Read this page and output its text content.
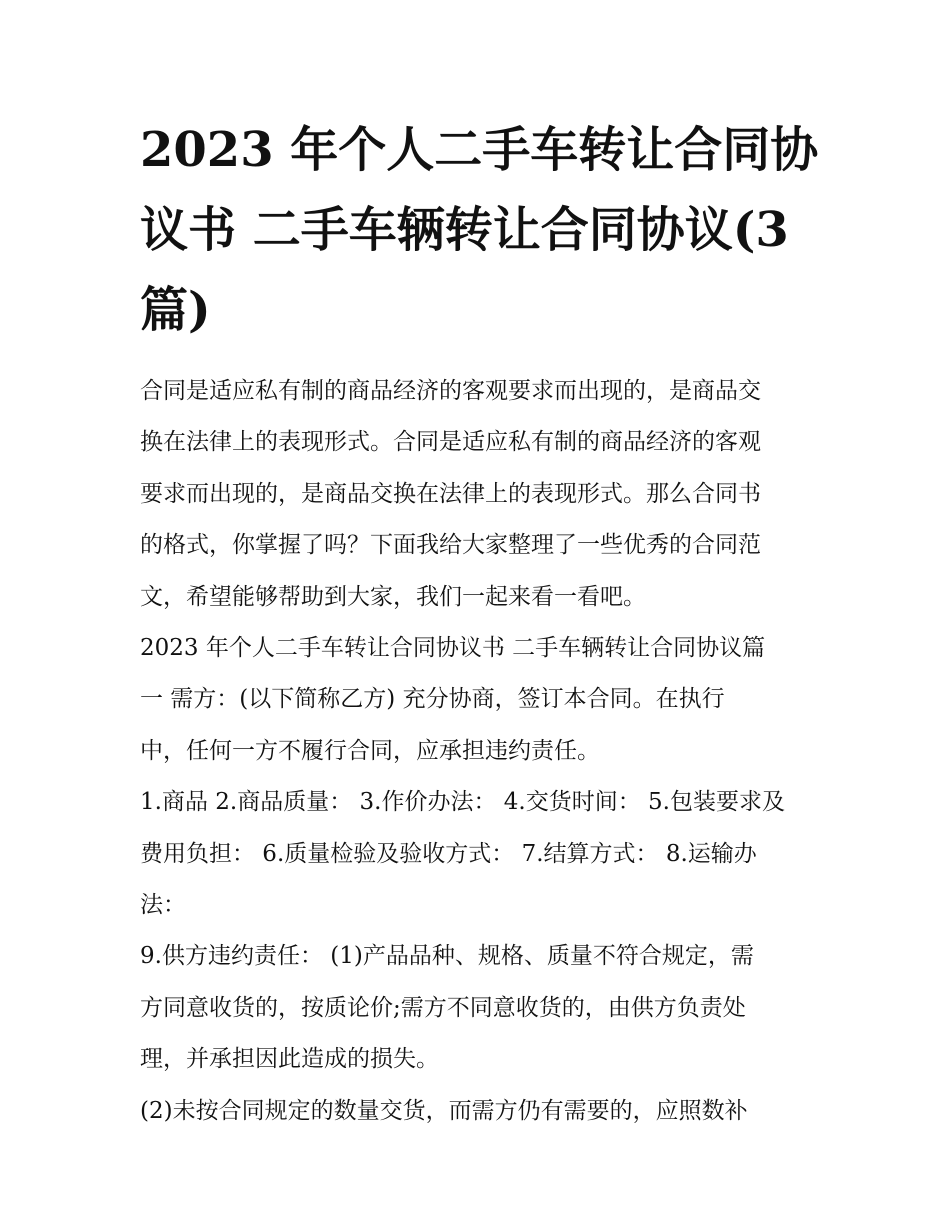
2023 年个人二手车转让合同协
议书 二手车辆转让合同协议(3
篇)

合同是适应私有制的商品经济的客观要求而出现的，是商品交
换在法律上的表现形式。合同是适应私有制的商品经济的客观
要求而出现的，是商品交换在法律上的表现形式。那么合同书
的格式，你掌握了吗？下面我给大家整理了一些优秀的合同范
文，希望能够帮助到大家，我们一起来看一看吧。

2023 年个人二手车转让合同协议书 二手车辆转让合同协议篇
一 需方：(以下简称乙方) 充分协商，签订本合同。在执行
中，任何一方不履行合同，应承担违约责任。

1.商品 2.商品质量： 3.作价办法： 4.交货时间： 5.包装要求及
费用负担： 6.质量检验及验收方式： 7.结算方式： 8.运输办
法：

9.供方违约责任： (1)产品品种、规格、质量不符合规定，需
方同意收货的，按质论价;需方不同意收货的，由供方负责处
理，并承担因此造成的损失。

(2)未按合同规定的数量交货，而需方仍有需要的，应照数补
